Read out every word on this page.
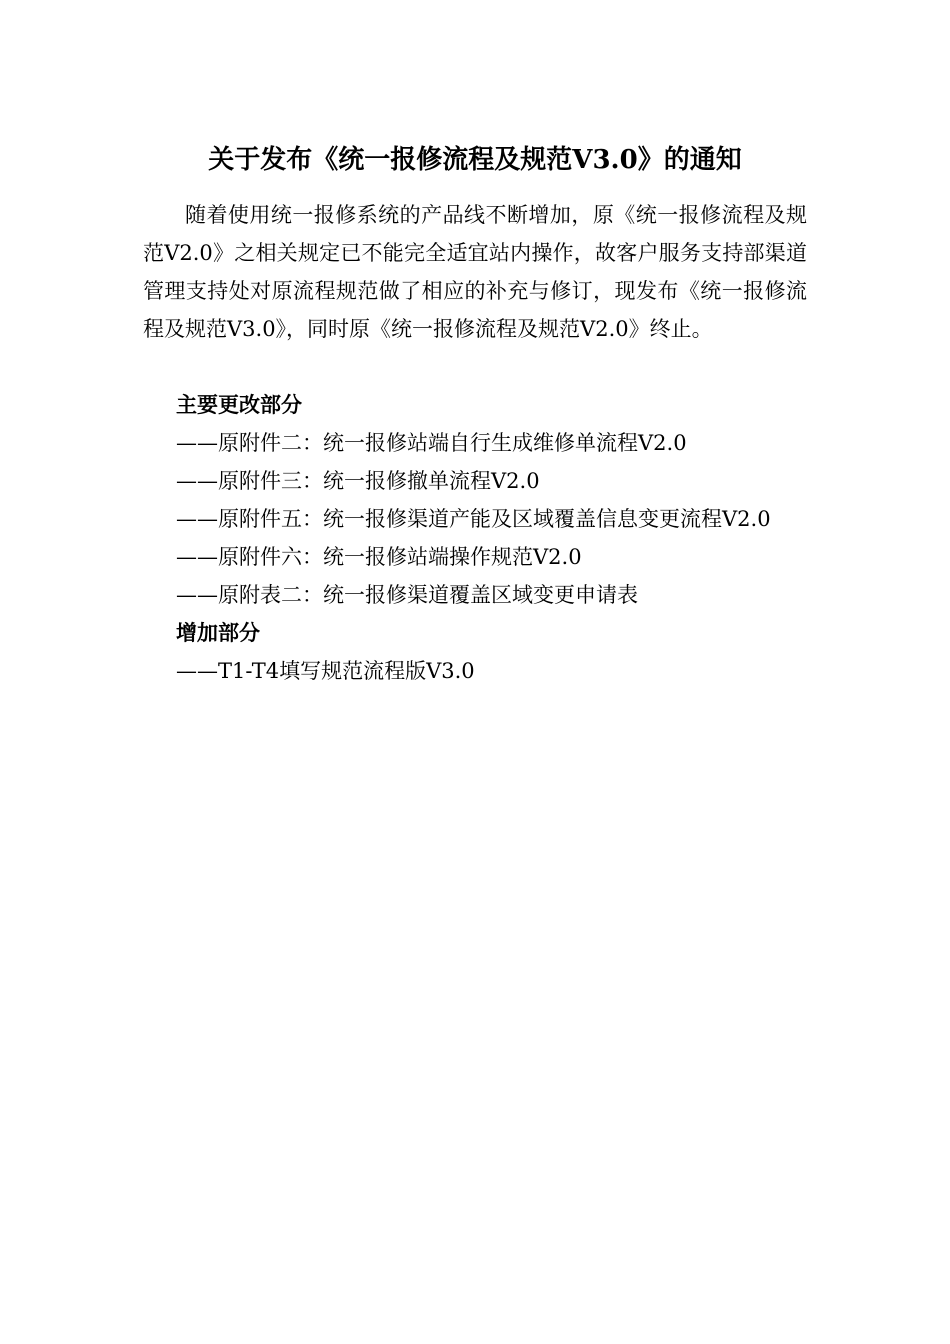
关于发布《统一报修流程及规范V3.0》的通知

随着使用统一报修系统的产品线不断增加，原《统一报修流程及规范V2.0》之相关规定已不能完全适宜站内操作，故客户服务支持部渠道管理支持处对原流程规范做了相应的补充与修订，现发布《统一报修流程及规范V3.0》，同时原《统一报修流程及规范V2.0》终止。

主要更改部分
——原附件二：统一报修站端自行生成维修单流程V2.0
——原附件三：统一报修撤单流程V2.0
——原附件五：统一报修渠道产能及区域覆盖信息变更流程V2.0
——原附件六：统一报修站端操作规范V2.0
——原附表二：统一报修渠道覆盖区域变更申请表
增加部分
——T1-T4填写规范流程版V3.0
